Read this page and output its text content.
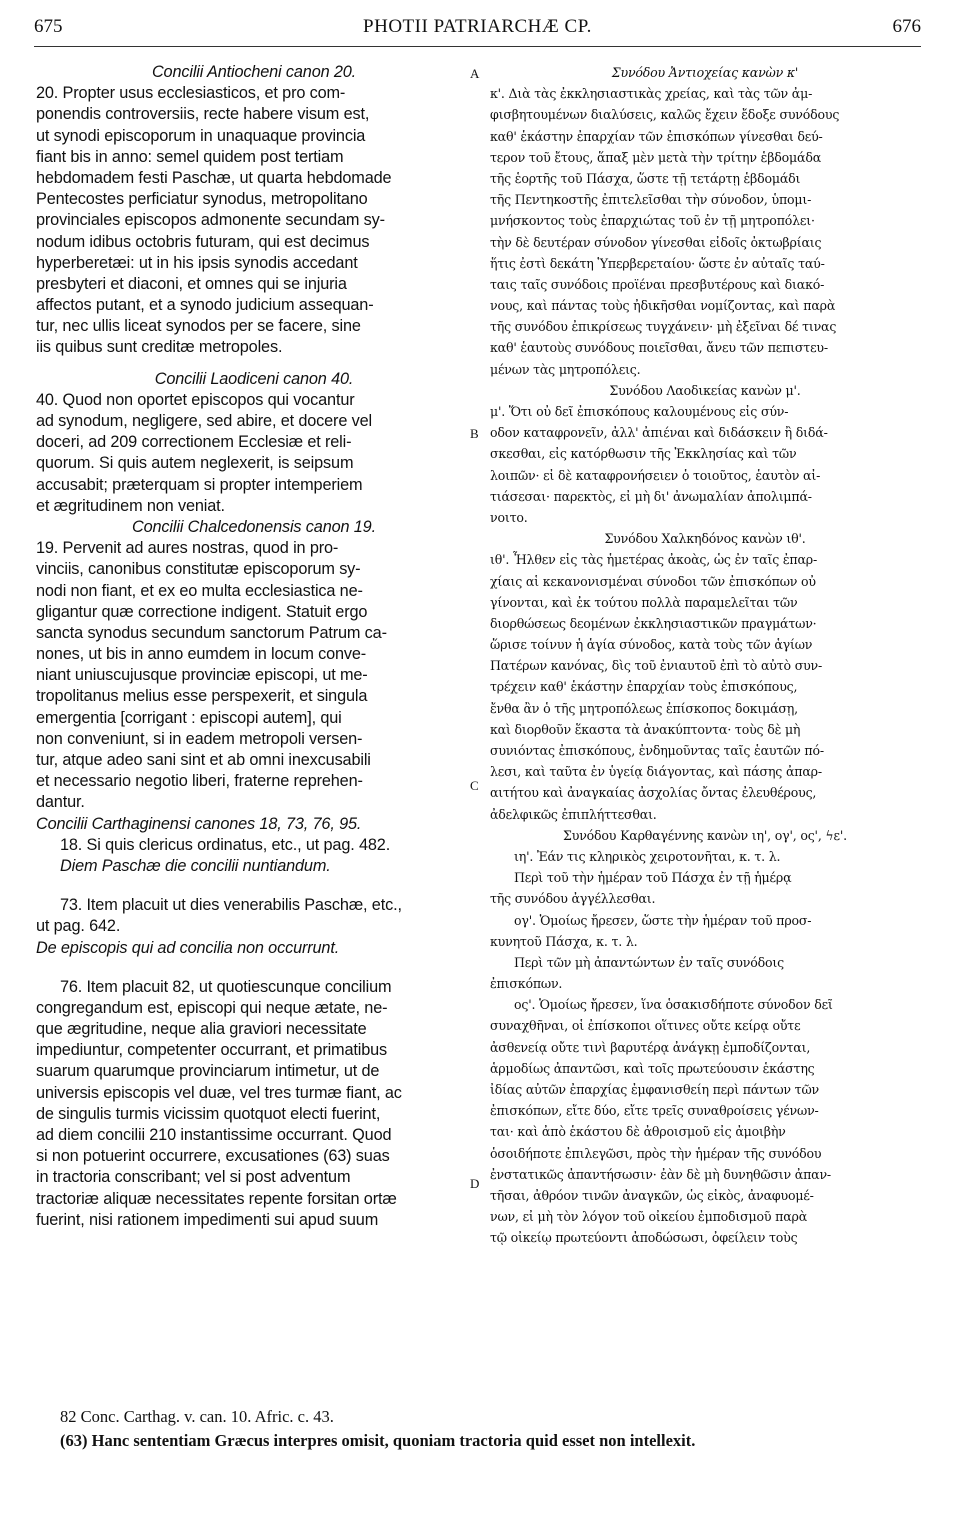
675	PHOTII PATRIARCHÆ CP.	676
Concilii Antiocheni canon 20.
20. Propter usus ecclesiasticos, et pro com-
ponendis controversiis, recte habere visum est,
ut synodi episcoporum in unaquaque provincia
fiant bis in anno: semel quidem post tertiam
hebdomadem festi Paschæ, ut quarta hebdomade
Pentecostes perficiatur synodus, metropolitano
provinciales episcopos admonente secundam sy-
nodum idibus octobris futuram, qui est decimus
hyperberetæi: ut in his ipsis synodis accedant
presbyteri et diaconi, et omnes qui se injuria
affectos putant, et a synodo judicium assequan-
tur, nec ullis liceat synodos per se facere, sine
iis quibus sunt creditæ metropoles.
Concilii Laodiceni canon 40.
40. Quod non oportet episcopos qui vocantur
ad synodum, negligere, sed abire, et docere vel
doceri, ad 209 correctionem Ecclesiæ et reli-
quorum. Si quis autem neglexerit, is seipsum
accusabit; præterquam si propter intemperiem
et ægritudinem non veniat.
Concilii Chalcedonensis canon 19.
19. Pervenit ad aures nostras, quod in pro-
vinciis, canonibus constitutæ episcoporum sy-
nodi non fiant, et ex eo multa ecclesiastica ne-
gligantur quæ correctione indigent. Statuit ergo
sancta synodus secundum sanctorum Patrum ca-
nones, ut bis in anno eumdem in locum conve-
niant uniuscujusque provinciæ episcopi, ut me-
tropolitanus melius esse perspexerit, et singula
emergentia [corrigant : episcopi autem], qui
non conveniunt, si in eadem metropoli versen-
tur, atque adeo sani sint et ab omni inexcusabili
et necessario negotio liberi, fraterne reprehen-
dantur.
Concilii Carthaginensi canones 18, 73, 76, 95.
18. Si quis clericus ordinatus, etc., ut pag. 482.
Diem Paschæ die concilii nuntiandum.
73. Item placuit ut dies venerabilis Paschæ, etc.,
ut pag. 642.
De episcopis qui ad concilia non occurrunt.
76. Item placuit 82, ut quotiescunque concilium
congregandum est, episcopi qui neque ætate, ne-
que ægritudine, neque alia graviori necessitate
impediuntur, competenter occurrant, et primatibus
suarum quarumque provinciarum intimetur, ut de
universis episcopis vel duæ, vel tres turmæ fiant, ac
de singulis turmis vicissim quotquot electi fuerint,
ad diem concilii 210 instantissime occurrant. Quod
si non potuerint occurrere, excusationes (63) suas
in tractoria conscribant; vel si post adventum
tractoriæ aliquæ necessitates repente forsitan ortæ
fuerint, nisi rationem impedimenti sui apud suum
Συνόδου Ἀντιοχείας κανὼν κ'
κ'. Διὰ τὰς ἐκκλησιαστικὰς χρείας, καὶ τὰς τῶν ἀμ-
φισβητουμένων διαλύσεις, καλῶς ἔχειν ἔδοξε συνόδους
καθ' ἑκάστην ἐπαρχίαν τῶν ἐπισκόπων γίνεσθαι δεύ-
τερον τοῦ ἔτους, ἅπαξ μὲν μετὰ τὴν τρίτην ἑβδομάδα
τῆς ἑορτῆς τοῦ Πάσχα, ὥστε τῇ τετάρτῃ ἑβδομάδι
τῆς Πεντηκοστῆς ἐπιτελεῖσθαι τὴν σύνοδον, ὑπομι-
μνήσκοντος τοὺς ἐπαρχιώτας τοῦ ἐν τῇ μητροπόλει·
τὴν δὲ δευτέραν σύνοδον γίνεσθαι εἰδοῖς ὀκτωβρίαις
ἥτις ἐστὶ δεκάτη Ὑπερβερεταίου· ὥστε ἐν αὐταῖς ταύ-
ταις ταῖς συνόδοις προϊέναι πρεσβυτέρους καὶ διακό-
νους, καὶ πάντας τοὺς ἠδικῆσθαι νομίζοντας, καὶ παρὰ
τῆς συνόδου ἐπικρίσεως τυγχάνειν· μὴ ἐξεῖναι δέ τινας
καθ' ἑαυτοὺς συνόδους ποιεῖσθαι, ἄνευ τῶν πεπιστευ-
μένων τὰς μητροπόλεις.
Συνόδου Λαοδικείας κανὼν μ'.
μ'. Ὅτι οὐ δεῖ ἐπισκόπους καλουμένους εἰς σύν-
οδον καταφρονεῖν, ἀλλ' ἀπιέναι καὶ διδάσκειν ἢ διδά-
σκεσθαι, εἰς κατόρθωσιν τῆς Ἐκκλησίας καὶ τῶν
λοιπῶν· εἰ δὲ καταφρονήσειεν ὁ τοιοῦτος, ἑαυτὸν αἰ-
τιάσεσαι· παρεκτὸς, εἰ μὴ δι' ἀνωμαλίαν ἀπολιμπά-
νοιτο.
Συνόδου Χαλκηδόνος κανὼν ιθ'.
ιθ'. Ἦλθεν εἰς τὰς ἡμετέρας ἀκοὰς, ὡς ἐν ταῖς ἐπαρ-
χίαις αἱ κεκανονισμέναι σύνοδοι τῶν ἐπισκόπων οὐ
γίνονται, καὶ ἐκ τούτου πολλὰ παραμελεῖται τῶν
διορθώσεως δεομένων ἐκκλησιαστικῶν πραγμάτων·
ὥρισε τοίνυν ἡ ἁγία σύνοδος, κατὰ τοὺς τῶν ἁγίων
Πατέρων κανόνας, δὶς τοῦ ἐνιαυτοῦ ἐπὶ τὸ αὐτὸ συν-
τρέχειν καθ' ἑκάστην ἐπαρχίαν τοὺς ἐπισκόπους,
ἔνθα ἂν ὁ τῆς μητροπόλεως ἐπίσκοπος δοκιμάσῃ,
καὶ διορθοῦν ἕκαστα τὰ ἀνακύπτοντα· τοὺς δὲ μὴ
συνιόντας ἐπισκόπους, ἐνδημοῦντας ταῖς ἑαυτῶν πό-
λεσι, καὶ ταῦτα ἐν ὑγείᾳ διάγοντας, καὶ πάσης ἀπαρ-
αιτήτου καὶ ἀναγκαίας ἀσχολίας ὄντας ἐλευθέρους,
ἀδελφικῶς ἐπιπλήττεσθαι.
Συνόδου Καρθαγέννης κανὼν ιη', ογ', ος', ϟε'.
ιη'. Ἐάν τις κληρικὸς χειροτονῆται, κ. τ. λ.
Περὶ τοῦ τὴν ἡμέραν τοῦ Πάσχα ἐν τῇ ἡμέρᾳ
τῆς συνόδου ἀγγέλλεσθαι.
ογ'. Ὁμοίως ἤρεσεν, ὥστε τὴν ἡμέραν τοῦ προσ-
κυνητοῦ Πάσχα, κ. τ. λ.
Περὶ τῶν μὴ ἀπαντώντων ἐν ταῖς συνόδοις
ἐπισκόπων.
ος'. Ὁμοίως ἤρεσεν, ἵνα ὁσακισδήποτε σύνοδον δεῖ
συναχθῆναι, οἱ ἐπίσκοποι οἵτινες οὔτε κείρᾳ οὔτε
ἀσθενείᾳ οὔτε τινὶ βαρυτέρᾳ ἀνάγκῃ ἐμποδίζονται,
ἁρμοδίως ἀπαντῶσι, καὶ τοῖς πρωτεύουσιν ἑκάστης
ἰδίας αὐτῶν ἐπαρχίας ἐμφανισθείη περὶ πάντων τῶν
ἐπισκόπων, εἴτε δύο, εἴτε τρεῖς συναθροίσεις γένων-
ται· καὶ ἀπὸ ἑκάστου δὲ ἀθροισμοῦ εἰς ἀμοιβὴν
ὁσοιδήποτε ἐπιλεγῶσι, πρὸς τὴν ἡμέραν τῆς συνόδου
ἐνστατικῶς ἀπαντήσωσιν· ἐὰν δὲ μὴ δυνηθῶσιν ἀπαν-
τῆσαι, ἀθρόον τινῶν ἀναγκῶν, ὡς εἰκὸς, ἀναφυομέ-
νων, εἰ μὴ τὸν λόγον τοῦ οἰκείου ἐμποδισμοῦ παρὰ
τῷ οἰκείῳ πρωτεύοντι ἀποδώσωσι, ὀφείλειν τοὺς
A
B
C
D
82 Conc. Carthag. v. can. 10. Afric. c. 43.
(63) Hanc sententiam Græcus interpres omisit, quoniam tractoria quid esset non intellexit.
